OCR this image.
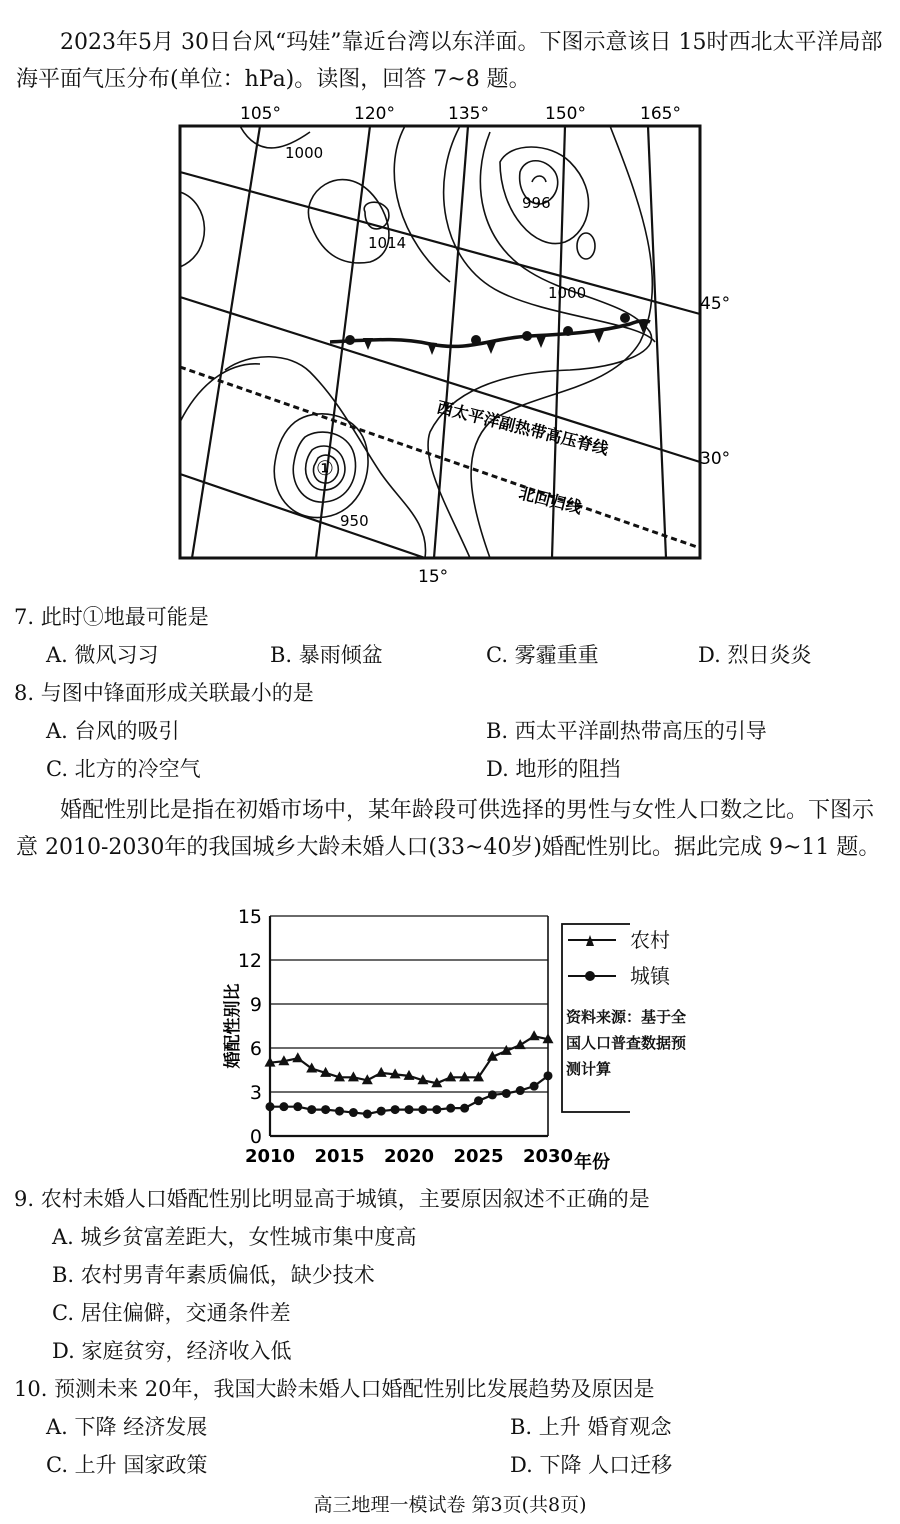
2023年5月 30日台风“玛娃”靠近台湾以东洋面。下图示意该日 15时西北太平洋局部海平面气压分布(单位：hPa)。读图，回答 7~8 题。
①
105°	120°	135°	150°	165°
45°
30°
15°
1000
1014
996
1000
950
西太平洋副热带高压脊线
北回归线
7. 此时①地最可能是
A. 微风习习	B. 暴雨倾盆	C. 雾霾重重	D. 烈日炎炎
8. 与图中锋面形成关联最小的是
A. 台风的吸引	B. 西太平洋副热带高压的引导
C. 北方的冷空气	D. 地形的阻挡
婚配性别比是指在初婚市场中，某年龄段可供选择的男性与女性人口数之比。下图示意 2010-2030年的我国城乡大龄未婚人口(33~40岁)婚配性别比。据此完成 9~11 题。
0
3
6
9
12
15
2010 2015 2020 2025 2030
婚配性别比
年份
农村
城镇
资料来源：基于全国人口普查数据预测计算
9. 农村未婚人口婚配性别比明显高于城镇，主要原因叙述不正确的是
A. 城乡贫富差距大，女性城市集中度高
B. 农村男青年素质偏低，缺少技术
C. 居住偏僻，交通条件差
D. 家庭贫穷，经济收入低
10. 预测未来 20年，我国大龄未婚人口婚配性别比发展趋势及原因是
A. 下降 经济发展	B. 上升 婚育观念
C. 上升 国家政策	D. 下降 人口迁移
高三地理一模试卷 第3页(共8页)
